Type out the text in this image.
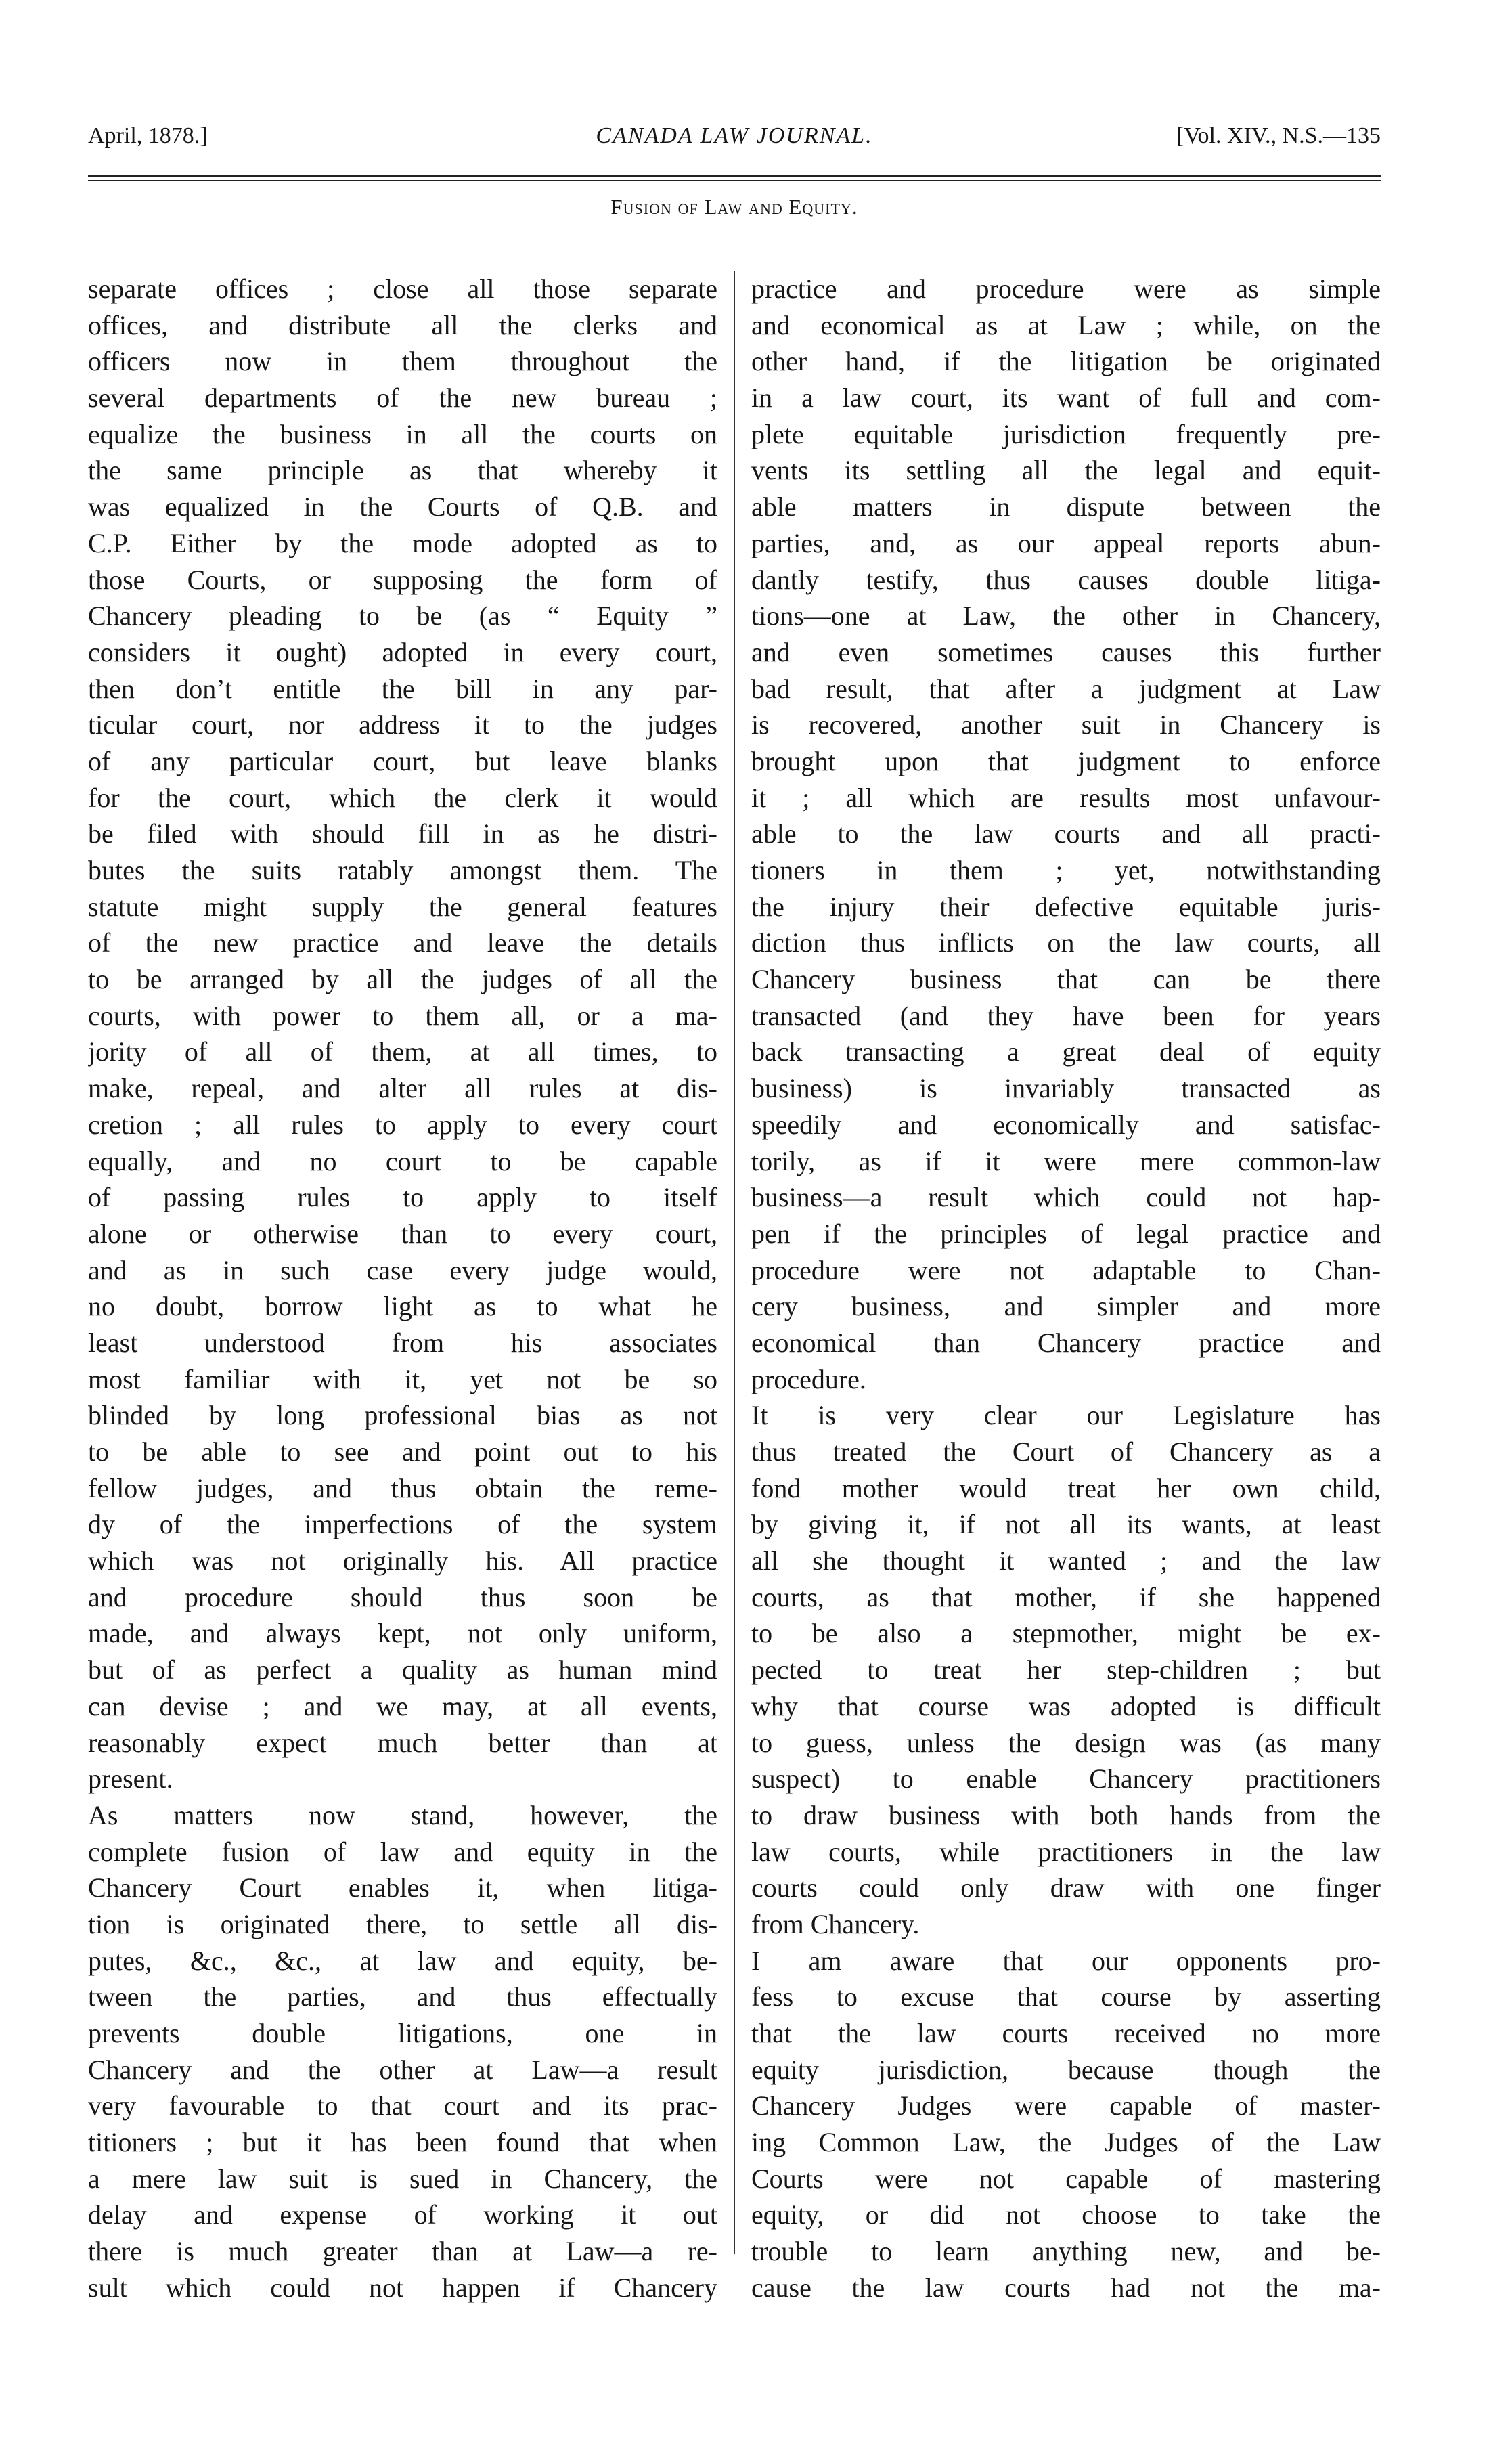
CANADA LAW JOURNAL.
April, 1878.]	[Vol. XIV., N.S.—135
Fusion of Law and Equity.
separate offices ; close all those separate
offices, and distribute all the clerks and
officers now in them throughout the
several departments of the new bureau ;
equalize the business in all the courts on
the same principle as that whereby it
was equalized in the Courts of Q.B. and
C.P. Either by the mode adopted as to
those Courts, or supposing the form of
Chancery pleading to be (as “ Equity ”
considers it ought) adopted in every court,
then don’t entitle the bill in any par-
ticular court, nor address it to the judges
of any particular court, but leave blanks
for the court, which the clerk it would
be filed with should fill in as he distri-
butes the suits ratably amongst them. The
statute might supply the general features
of the new practice and leave the details
to be arranged by all the judges of all the
courts, with power to them all, or a ma-
jority of all of them, at all times, to
make, repeal, and alter all rules at dis-
cretion ; all rules to apply to every court
equally, and no court to be capable
of passing rules to apply to itself
alone or otherwise than to every court,
and as in such case every judge would,
no doubt, borrow light as to what he
least understood from his associates
most familiar with it, yet not be so
blinded by long professional bias as not
to be able to see and point out to his
fellow judges, and thus obtain the reme-
dy of the imperfections of the system
which was not originally his. All practice
and procedure should thus soon be
made, and always kept, not only uniform,
but of as perfect a quality as human mind
can devise ; and we may, at all events,
reasonably expect much better than at
present.
As matters now stand, however, the
complete fusion of law and equity in the
Chancery Court enables it, when litiga-
tion is originated there, to settle all dis-
putes, &c., &c., at law and equity, be-
tween the parties, and thus effectually
prevents double litigations, one in
Chancery and the other at Law—a result
very favourable to that court and its prac-
titioners ; but it has been found that when
a mere law suit is sued in Chancery, the
delay and expense of working it out
there is much greater than at Law—a re-
sult which could not happen if Chancery
practice and procedure were as simple
and economical as at Law ; while, on the
other hand, if the litigation be originated
in a law court, its want of full and com-
plete equitable jurisdiction frequently pre-
vents its settling all the legal and equit-
able matters in dispute between the
parties, and, as our appeal reports abun-
dantly testify, thus causes double litiga-
tions—one at Law, the other in Chancery,
and even sometimes causes this further
bad result, that after a judgment at Law
is recovered, another suit in Chancery is
brought upon that judgment to enforce
it ; all which are results most unfavour-
able to the law courts and all practi-
tioners in them ; yet, notwithstanding
the injury their defective equitable juris-
diction thus inflicts on the law courts, all
Chancery business that can be there
transacted (and they have been for years
back transacting a great deal of equity
business) is invariably transacted as
speedily and economically and satisfac-
torily, as if it were mere common-law
business—a result which could not hap-
pen if the principles of legal practice and
procedure were not adaptable to Chan-
cery business, and simpler and more
economical than Chancery practice and
procedure.
It is very clear our Legislature has
thus treated the Court of Chancery as a
fond mother would treat her own child,
by giving it, if not all its wants, at least
all she thought it wanted ; and the law
courts, as that mother, if she happened
to be also a stepmother, might be ex-
pected to treat her step-children ; but
why that course was adopted is difficult
to guess, unless the design was (as many
suspect) to enable Chancery practitioners
to draw business with both hands from the
law courts, while practitioners in the law
courts could only draw with one finger
from Chancery.
I am aware that our opponents pro-
fess to excuse that course by asserting
that the law courts received no more
equity jurisdiction, because though the
Chancery Judges were capable of master-
ing Common Law, the Judges of the Law
Courts were not capable of mastering
equity, or did not choose to take the
trouble to learn anything new, and be-
cause the law courts had not the ma-
